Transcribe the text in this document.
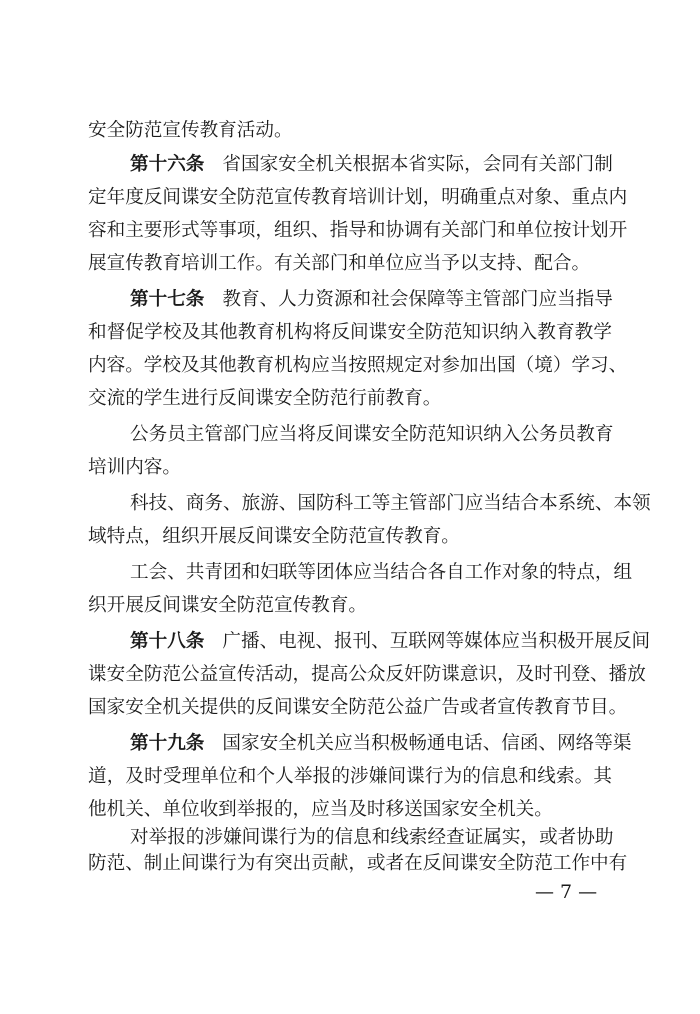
安全防范宣传教育活动。
第十六条 省国家安全机关根据本省实际，会同有关部门制
定年度反间谍安全防范宣传教育培训计划，明确重点对象、重点内
容和主要形式等事项，组织、指导和协调有关部门和单位按计划开
展宣传教育培训工作。有关部门和单位应当予以支持、配合。
第十七条 教育、人力资源和社会保障等主管部门应当指导
和督促学校及其他教育机构将反间谍安全防范知识纳入教育教学
内容。学校及其他教育机构应当按照规定对参加出国（境）学习、
交流的学生进行反间谍安全防范行前教育。
公务员主管部门应当将反间谍安全防范知识纳入公务员教育
培训内容。
科技、商务、旅游、国防科工等主管部门应当结合本系统、本领
域特点，组织开展反间谍安全防范宣传教育。
工会、共青团和妇联等团体应当结合各自工作对象的特点，组
织开展反间谍安全防范宣传教育。
第十八条 广播、电视、报刊、互联网等媒体应当积极开展反间
谍安全防范公益宣传活动，提高公众反奸防谍意识，及时刊登、播放
国家安全机关提供的反间谍安全防范公益广告或者宣传教育节目。
第十九条 国家安全机关应当积极畅通电话、信函、网络等渠
道，及时受理单位和个人举报的涉嫌间谍行为的信息和线索。其
他机关、单位收到举报的，应当及时移送国家安全机关。
对举报的涉嫌间谍行为的信息和线索经查证属实，或者协助
防范、制止间谍行为有突出贡献，或者在反间谍安全防范工作中有
— 7 —
